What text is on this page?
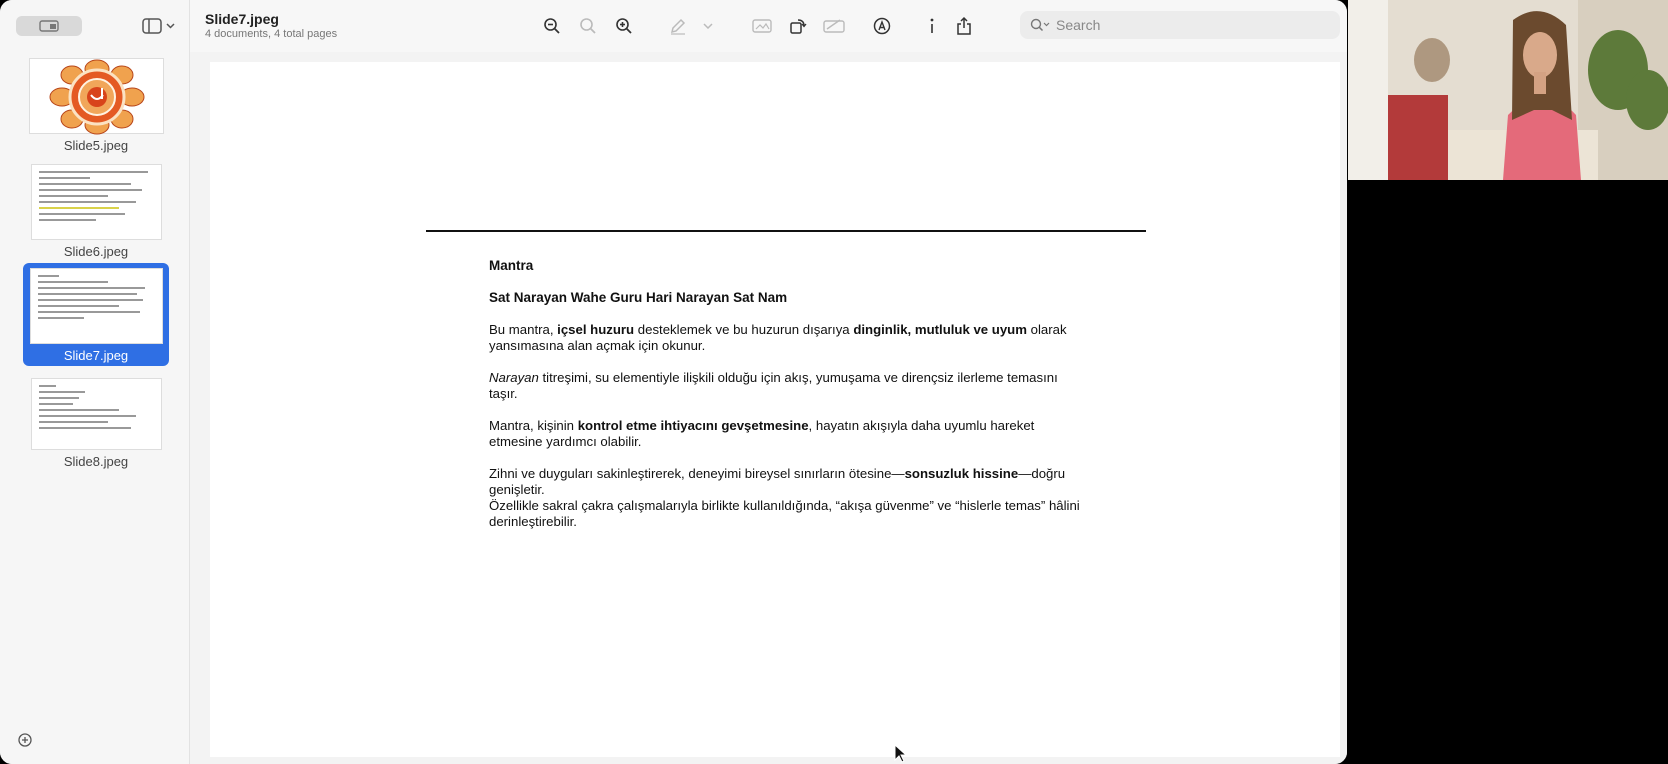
Slide5.jpeg
Slide6.jpeg
Slide7.jpeg
Slide8.jpeg
Slide7.jpeg
4 documents, 4 total pages
Search

Mantra

Sat Narayan Wahe Guru Hari Narayan Sat Nam

Bu mantra, içsel huzuru desteklemek ve bu huzurun dışarıya dinginlik, mutluluk ve uyum olarak yansımasına alan açmak için okunur.

Narayan titreşimi, su elementiyle ilişkili olduğu için akış, yumuşama ve dirençsiz ilerleme temasını taşır.

Mantra, kişinin kontrol etme ihtiyacını gevşetmesine, hayatın akışıyla daha uyumlu hareket etmesine yardımcı olabilir.

Zihni ve duyguları sakinleştirerek, deneyimi bireysel sınırların ötesine—sonsuzluk hissine—doğru genişletir.
Özellikle sakral çakra çalışmalarıyla birlikte kullanıldığında, “akışa güvenme” ve “hislerle temas” hâlini derinleştirebilir.
